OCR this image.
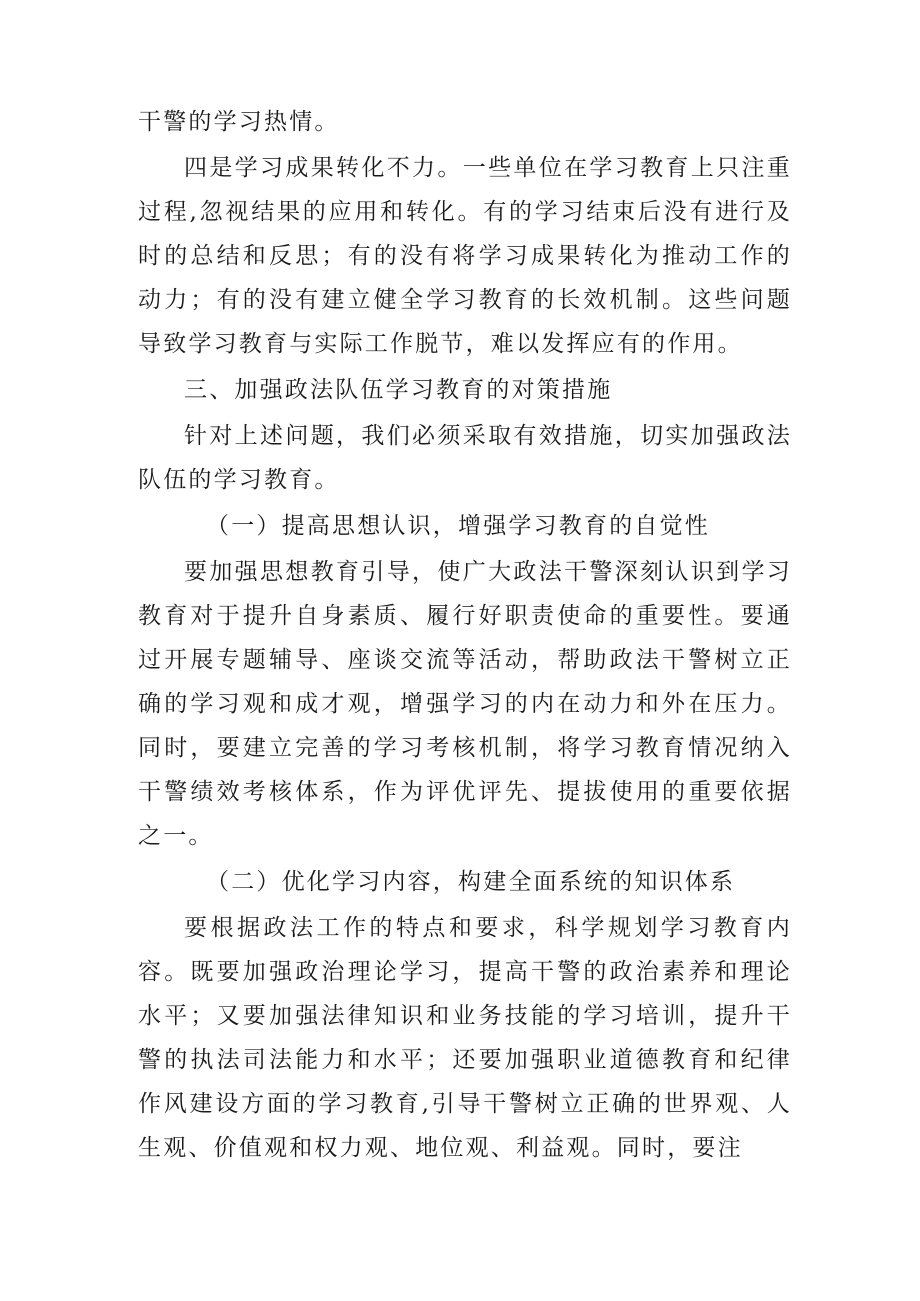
干警的学习热情。

四是学习成果转化不力。一些单位在学习教育上只注重过程,忽视结果的应用和转化。有的学习结束后没有进行及时的总结和反思；有的没有将学习成果转化为推动工作的动力；有的没有建立健全学习教育的长效机制。这些问题导致学习教育与实际工作脱节，难以发挥应有的作用。

三、加强政法队伍学习教育的对策措施

针对上述问题，我们必须采取有效措施，切实加强政法队伍的学习教育。

（一）提高思想认识，增强学习教育的自觉性

要加强思想教育引导，使广大政法干警深刻认识到学习教育对于提升自身素质、履行好职责使命的重要性。要通过开展专题辅导、座谈交流等活动，帮助政法干警树立正确的学习观和成才观，增强学习的内在动力和外在压力。同时，要建立完善的学习考核机制，将学习教育情况纳入干警绩效考核体系，作为评优评先、提拔使用的重要依据之一。

（二）优化学习内容，构建全面系统的知识体系

要根据政法工作的特点和要求，科学规划学习教育内容。既要加强政治理论学习，提高干警的政治素养和理论水平；又要加强法律知识和业务技能的学习培训，提升干警的执法司法能力和水平；还要加强职业道德教育和纪律作风建设方面的学习教育,引导干警树立正确的世界观、人生观、价值观和权力观、地位观、利益观。同时，要注
